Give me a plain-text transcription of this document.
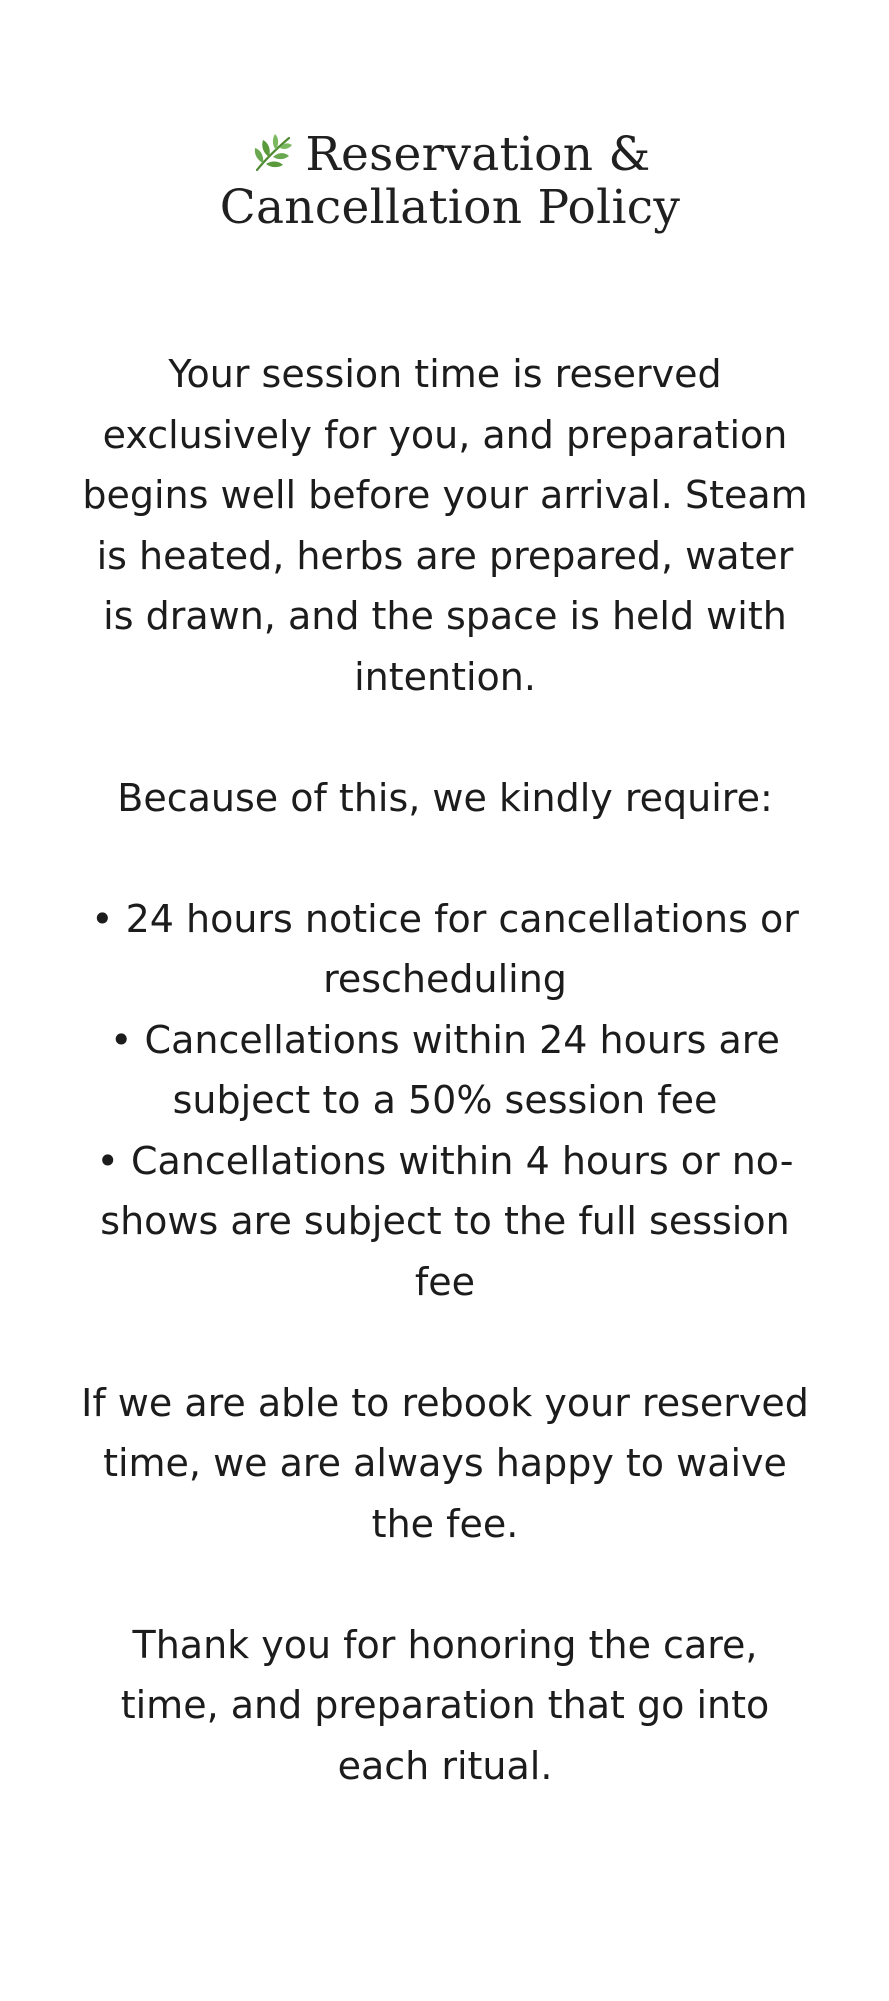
Reservation & Cancellation Policy

Your session time is reserved exclusively for you, and preparation begins well before your arrival. Steam is heated, herbs are prepared, water is drawn, and the space is held with intention.

Because of this, we kindly require:

• 24 hours notice for cancellations or rescheduling

• Cancellations within 24 hours are subject to a 50% session fee

• Cancellations within 4 hours or no-shows are subject to the full session fee

If we are able to rebook your reserved time, we are always happy to waive the fee.

Thank you for honoring the care, time, and preparation that go into each ritual.
